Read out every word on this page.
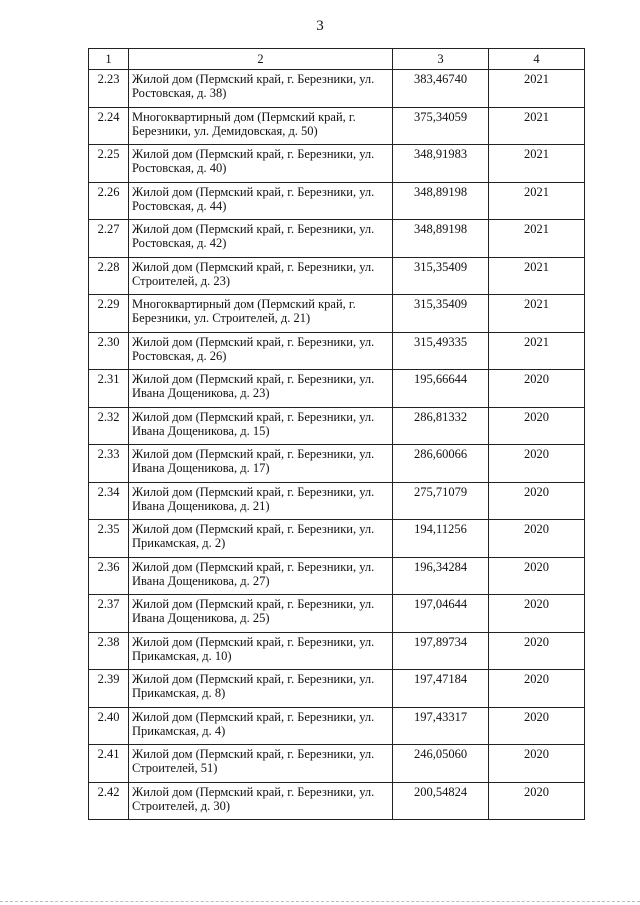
3
1	2	3	4
2.23	Жилой дом (Пермский край, г. Березники, ул. Ростовская, д. 38)	383,46740	2021
2.24	Многоквартирный дом (Пермский край, г. Березники, ул. Демидовская, д. 50)	375,34059	2021
2.25	Жилой дом (Пермский край, г. Березники, ул. Ростовская, д. 40)	348,91983	2021
2.26	Жилой дом (Пермский край, г. Березники, ул. Ростовская, д. 44)	348,89198	2021
2.27	Жилой дом (Пермский край, г. Березники, ул. Ростовская, д. 42)	348,89198	2021
2.28	Жилой дом (Пермский край, г. Березники, ул. Строителей, д. 23)	315,35409	2021
2.29	Многоквартирный дом (Пермский край, г. Березники, ул. Строителей, д. 21)	315,35409	2021
2.30	Жилой дом (Пермский край, г. Березники, ул. Ростовская, д. 26)	315,49335	2021
2.31	Жилой дом (Пермский край, г. Березники, ул. Ивана Дощеникова, д. 23)	195,66644	2020
2.32	Жилой дом (Пермский край, г. Березники, ул. Ивана Дощеникова, д. 15)	286,81332	2020
2.33	Жилой дом (Пермский край, г. Березники, ул. Ивана Дощеникова, д. 17)	286,60066	2020
2.34	Жилой дом (Пермский край, г. Березники, ул. Ивана Дощеникова, д. 21)	275,71079	2020
2.35	Жилой дом (Пермский край, г. Березники, ул. Прикамская, д. 2)	194,11256	2020
2.36	Жилой дом (Пермский край, г. Березники, ул. Ивана Дощеникова, д. 27)	196,34284	2020
2.37	Жилой дом (Пермский край, г. Березники, ул. Ивана Дощеникова, д. 25)	197,04644	2020
2.38	Жилой дом (Пермский край, г. Березники, ул. Прикамская, д. 10)	197,89734	2020
2.39	Жилой дом (Пермский край, г. Березники, ул. Прикамская, д. 8)	197,47184	2020
2.40	Жилой дом (Пермский край, г. Березники, ул. Прикамская, д. 4)	197,43317	2020
2.41	Жилой дом (Пермский край, г. Березники, ул. Строителей, 51)	246,05060	2020
2.42	Жилой дом (Пермский край, г. Березники, ул. Строителей, д. 30)	200,54824	2020
